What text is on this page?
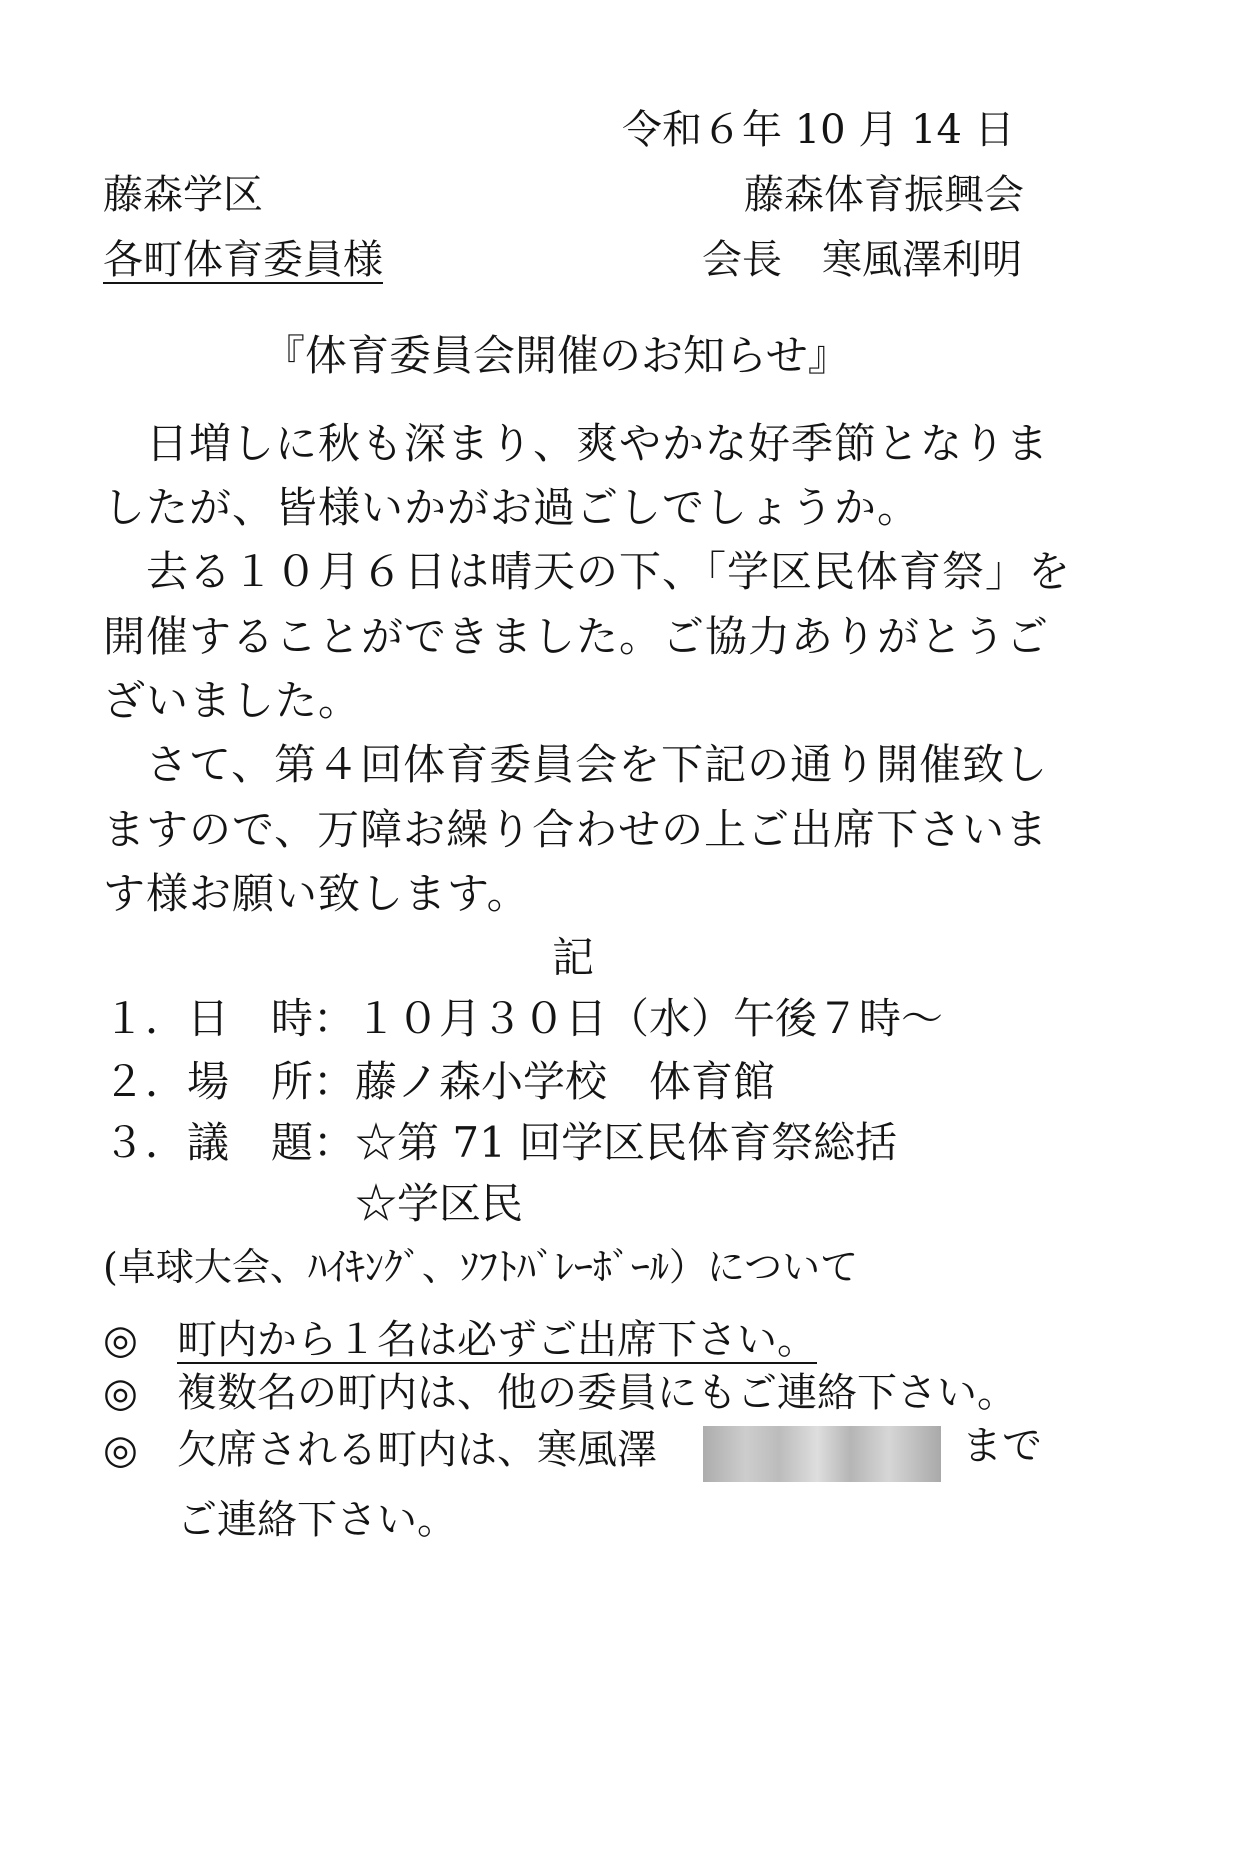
令和６年 10 月 14 日
藤森学区	藤森体育振興会
各町体育委員様	会長　寒風澤利明
『体育委員会開催のお知らせ』
　日増しに秋も深まり、爽やかな好季節となりま
したが、皆様いかがお過ごしでしょうか。
　去る１０月６日は晴天の下、「学区民体育祭」を
開催することができました。ご協力ありがとうご
ざいました。
　さて、第４回体育委員会を下記の通り開催致し
ますので、万障お繰り合わせの上ご出席下さいま
す様お願い致します。
記
１．日　時：１０月３０日（水）午後７時～
２．場　所：藤ノ森小学校　体育館
３．議　題：☆第 71 回学区民体育祭総括
☆学区民
(卓球大会、ﾊｲｷﾝｸﾞ、ｿﾌﾄﾊﾞﾚｰﾎﾞｰﾙ）について
◎ 町内から１名は必ずご出席下さい。
◎ 複数名の町内は、他の委員にもご連絡下さい。
◎ 欠席される町内は、寒風澤	まで
ご連絡下さい。
